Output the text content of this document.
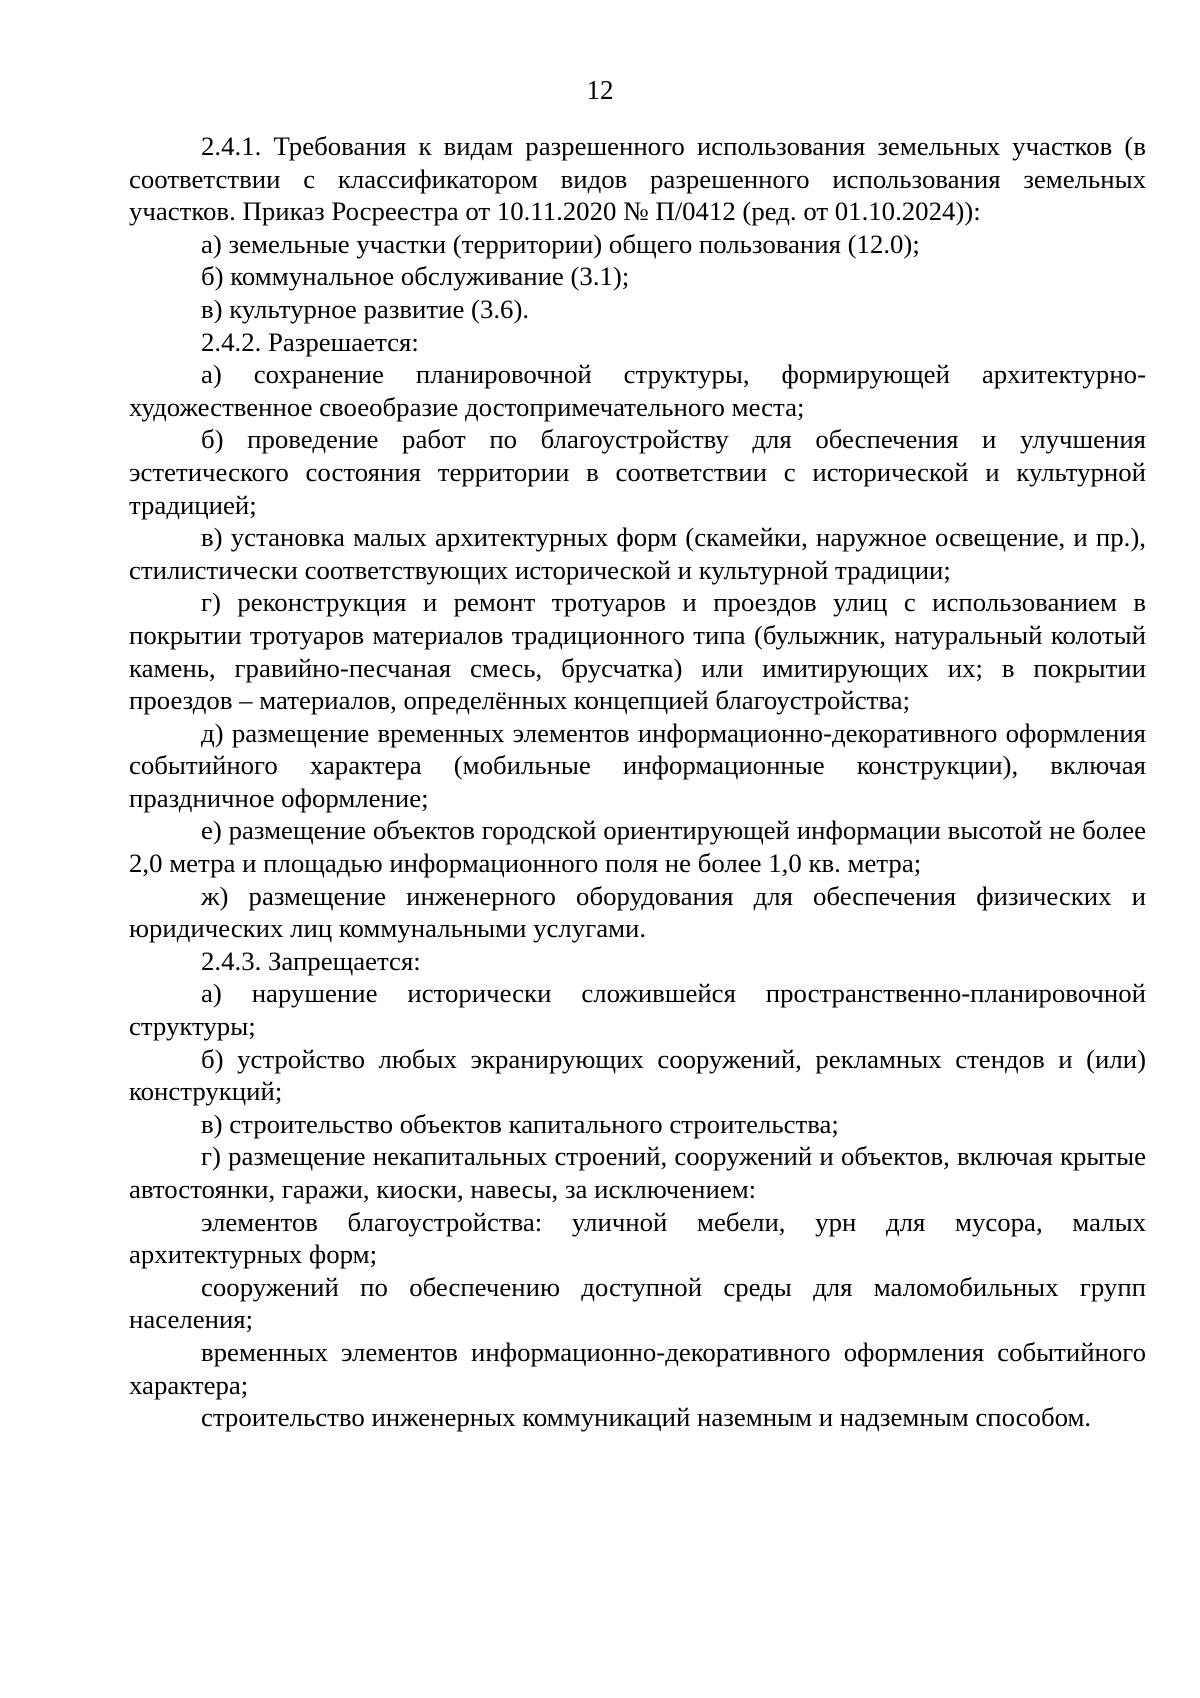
12

2.4.1. Требования к видам разрешенного использования земельных участков (в соответствии с классификатором видов разрешенного использования земельных участков. Приказ Росреестра от 10.11.2020 № П/0412 (ред. от 01.10.2024)):

а) земельные участки (территории) общего пользования (12.0);

б) коммунальное обслуживание (3.1);

в) культурное развитие (3.6).

2.4.2. Разрешается:

а) сохранение планировочной структуры, формирующей архитектурно-художественное своеобразие достопримечательного места;

б) проведение работ по благоустройству для обеспечения и улучшения эстетического состояния территории в соответствии с исторической и культурной традицией;

в) установка малых архитектурных форм (скамейки, наружное освещение, и пр.), стилистически соответствующих исторической и культурной традиции;

г) реконструкция и ремонт тротуаров и проездов улиц с использованием в покрытии тротуаров материалов традиционного типа (булыжник, натуральный колотый камень, гравийно-песчаная смесь, брусчатка) или имитирующих их; в покрытии проездов – материалов, определённых концепцией благоустройства;

д) размещение временных элементов информационно-декоративного оформления событийного характера (мобильные информационные конструкции), включая праздничное оформление;

е) размещение объектов городской ориентирующей информации высотой не более 2,0 метра и площадью информационного поля не более 1,0 кв. метра;

ж) размещение инженерного оборудования для обеспечения физических и юридических лиц коммунальными услугами.

2.4.3. Запрещается:

а) нарушение исторически сложившейся пространственно-планировочной структуры;

б) устройство любых экранирующих сооружений, рекламных стендов и (или) конструкций;

в) строительство объектов капитального строительства;

г) размещение некапитальных строений, сооружений и объектов, включая крытые автостоянки, гаражи, киоски, навесы, за исключением:

элементов благоустройства: уличной мебели, урн для мусора, малых архитектурных форм;

сооружений по обеспечению доступной среды для маломобильных групп населения;

временных элементов информационно-декоративного оформления событийного характера;

строительство инженерных коммуникаций наземным и надземным способом.
